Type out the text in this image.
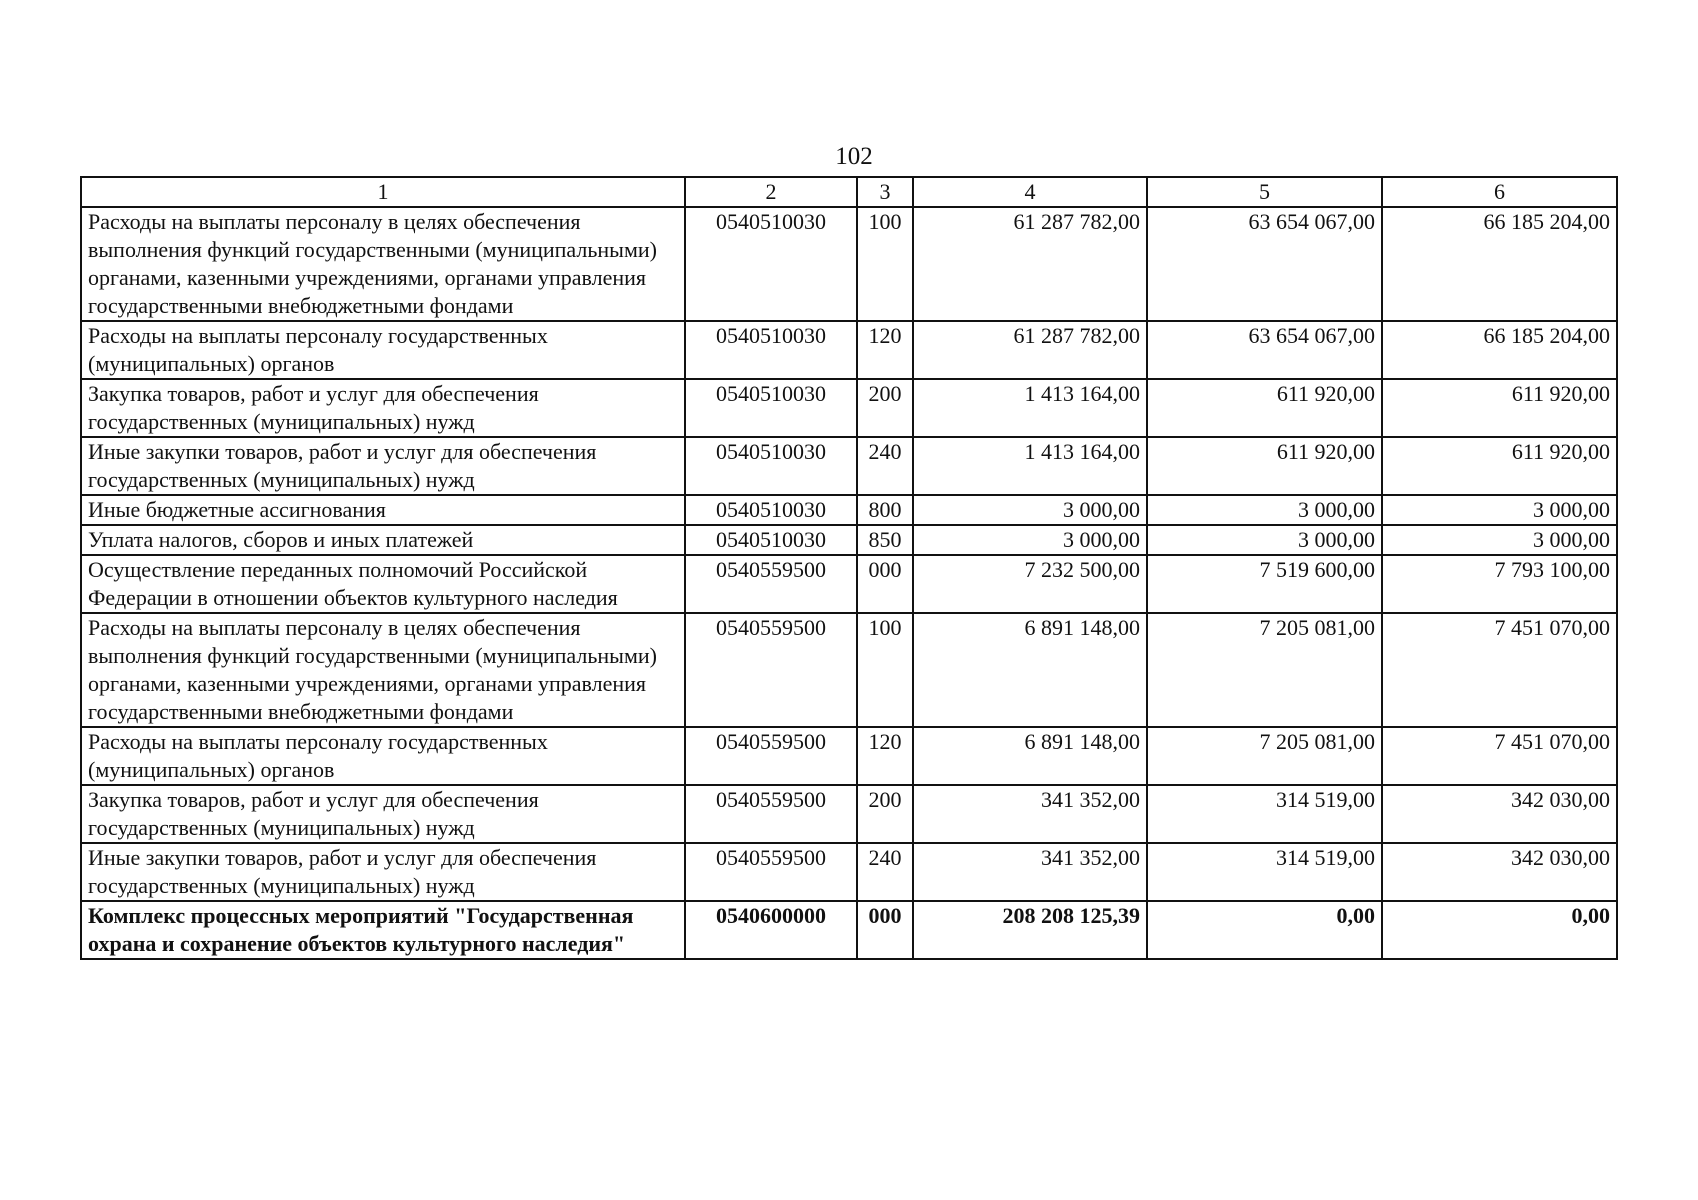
102
1	2	3	4	5	6
Расходы на выплаты персоналу в целях обеспечения выполнения функций государственными (муниципальными) органами, казенными учреждениями, органами управления государственными внебюджетными фондами	0540510030	100	61 287 782,00	63 654 067,00	66 185 204,00
Расходы на выплаты персоналу государственных (муниципальных) органов	0540510030	120	61 287 782,00	63 654 067,00	66 185 204,00
Закупка товаров, работ и услуг для обеспечения государственных (муниципальных) нужд	0540510030	200	1 413 164,00	611 920,00	611 920,00
Иные закупки товаров, работ и услуг для обеспечения государственных (муниципальных) нужд	0540510030	240	1 413 164,00	611 920,00	611 920,00
Иные бюджетные ассигнования	0540510030	800	3 000,00	3 000,00	3 000,00
Уплата налогов, сборов и иных платежей	0540510030	850	3 000,00	3 000,00	3 000,00
Осуществление переданных полномочий Российской Федерации в отношении объектов культурного наследия	0540559500	000	7 232 500,00	7 519 600,00	7 793 100,00
Расходы на выплаты персоналу в целях обеспечения выполнения функций государственными (муниципальными) органами, казенными учреждениями, органами управления государственными внебюджетными фондами	0540559500	100	6 891 148,00	7 205 081,00	7 451 070,00
Расходы на выплаты персоналу государственных (муниципальных) органов	0540559500	120	6 891 148,00	7 205 081,00	7 451 070,00
Закупка товаров, работ и услуг для обеспечения государственных (муниципальных) нужд	0540559500	200	341 352,00	314 519,00	342 030,00
Иные закупки товаров, работ и услуг для обеспечения государственных (муниципальных) нужд	0540559500	240	341 352,00	314 519,00	342 030,00
Комплекс процессных мероприятий "Государственная охрана и сохранение объектов культурного наследия"	0540600000	000	208 208 125,39	0,00	0,00
